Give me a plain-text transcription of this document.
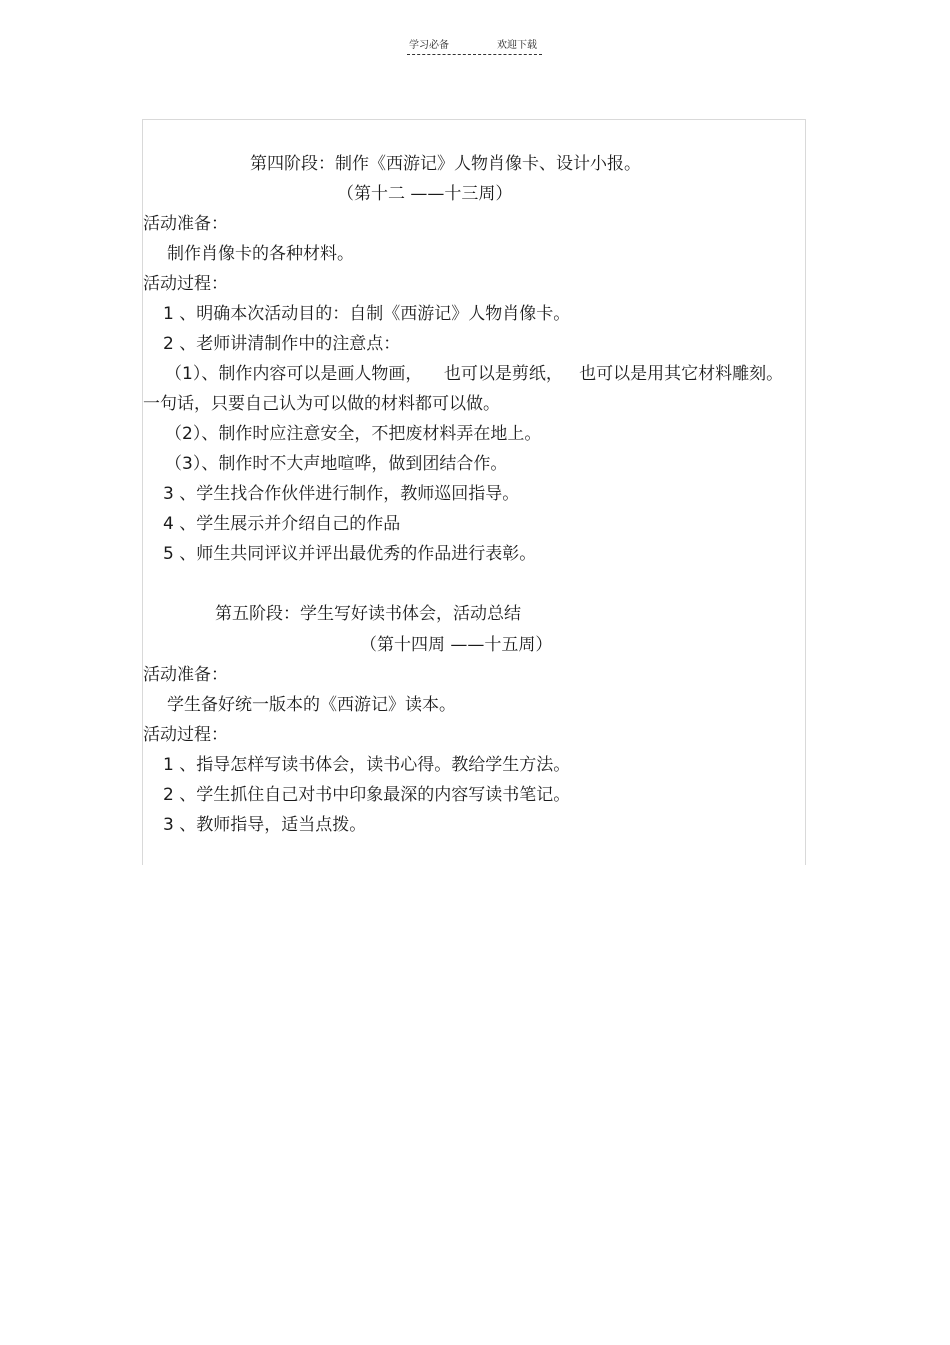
学习必备	欢迎下载
第四阶段：制作《西游记》人物肖像卡、设计小报。
（第十二 ——十三周）
活动准备：
制作肖像卡的各种材料。
活动过程：
1 、明确本次活动目的：自制《西游记》人物肖像卡。
2 、老师讲清制作中的注意点：
（1）、制作内容可以是画人物画，    也可以是剪纸，   也可以是用其它材料雕刻。
一句话，只要自己认为可以做的材料都可以做。
（2）、制作时应注意安全，不把废材料弄在地上。
（3）、制作时不大声地喧哗，做到团结合作。
3 、学生找合作伙伴进行制作，教师巡回指导。
4 、学生展示并介绍自己的作品
5 、师生共同评议并评出最优秀的作品进行表彰。
第五阶段：学生写好读书体会，活动总结
（第十四周 ——十五周）
活动准备：
学生备好统一版本的《西游记》读本。
活动过程：
1 、指导怎样写读书体会，读书心得。教给学生方法。
2 、学生抓住自己对书中印象最深的内容写读书笔记。
3 、教师指导，适当点拨。
